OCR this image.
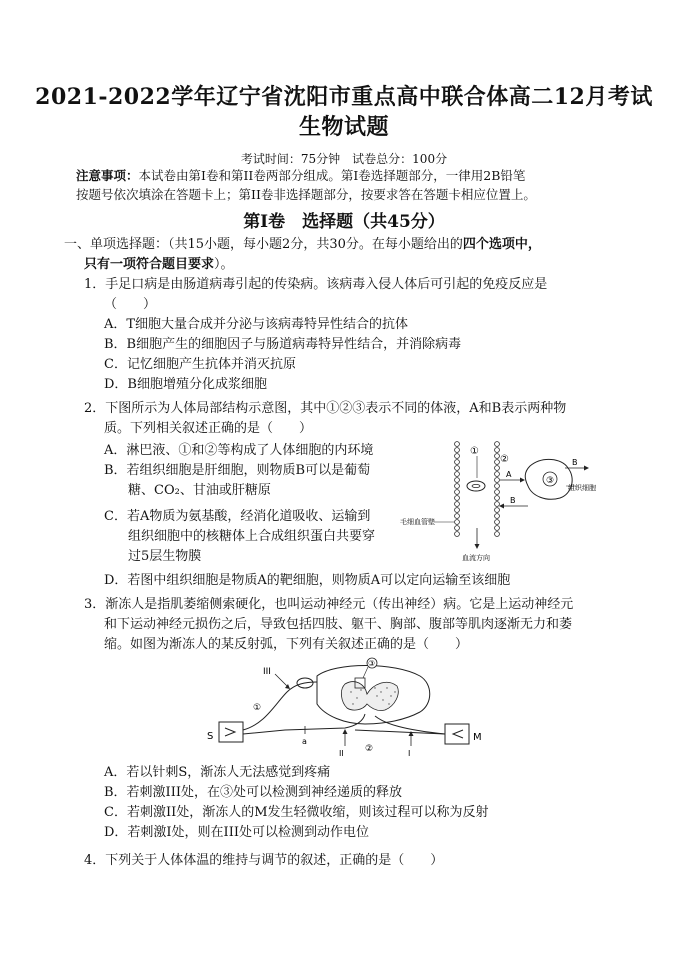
2021-2022学年辽宁省沈阳市重点高中联合体高二12月考试
生物试题
考试时间：75分钟　试卷总分：100分
注意事项：本试卷由第I卷和第II卷两部分组成。第I卷选择题部分，一律用2B铅笔
按题号依次填涂在答题卡上；第II卷非选择题部分，按要求答在答题卡相应位置上。
第Ⅰ卷　选择题（共45分）
一、单项选择题：（共15小题，每小题2分，共30分。在每小题给出的四个选项中，
只有一项符合题目要求）。
1．手足口病是由肠道病毒引起的传染病。该病毒入侵人体后可引起的免疫反应是
（　　）
A．T细胞大量合成并分泌与该病毒特异性结合的抗体
B．B细胞产生的细胞因子与肠道病毒特异性结合，并消除病毒
C．记忆细胞产生抗体并消灭抗原
D．B细胞增殖分化成浆细胞
2．下图所示为人体局部结构示意图，其中①②③表示不同的体液，A和B表示两种物
质。下列相关叙述正确的是（　　）
A．淋巴液、①和②等构成了人体细胞的内环境
B．若组织细胞是肝细胞，则物质B可以是葡萄
糖、CO₂、甘油或肝糖原
C．若A物质为氨基酸，经消化道吸收、运输到
组织细胞中的核糖体上合成组织蛋白共要穿
过5层生物膜
D．若图中组织细胞是物质A的靶细胞，则物质A可以定向运输至该细胞
①
②
A
B
③
B
组织细胞
毛细血管壁
血流方向
3．渐冻人是指肌萎缩侧索硬化，也叫运动神经元（传出神经）病。它是上运动神经元
和下运动神经元损伤之后，导致包括四肢、躯干、胸部、腹部等肌肉逐渐无力和萎
缩。如图为渐冻人的某反射弧，下列有关叙述正确的是（　　）
S	M
①
III
③
②
a
II	I
A．若以针刺S，渐冻人无法感觉到疼痛
B．若刺激III处，在③处可以检测到神经递质的释放
C．若刺激II处，渐冻人的M发生轻微收缩，则该过程可以称为反射
D．若刺激I处，则在III处可以检测到动作电位
4．下列关于人体体温的维持与调节的叙述，正确的是（　　）
